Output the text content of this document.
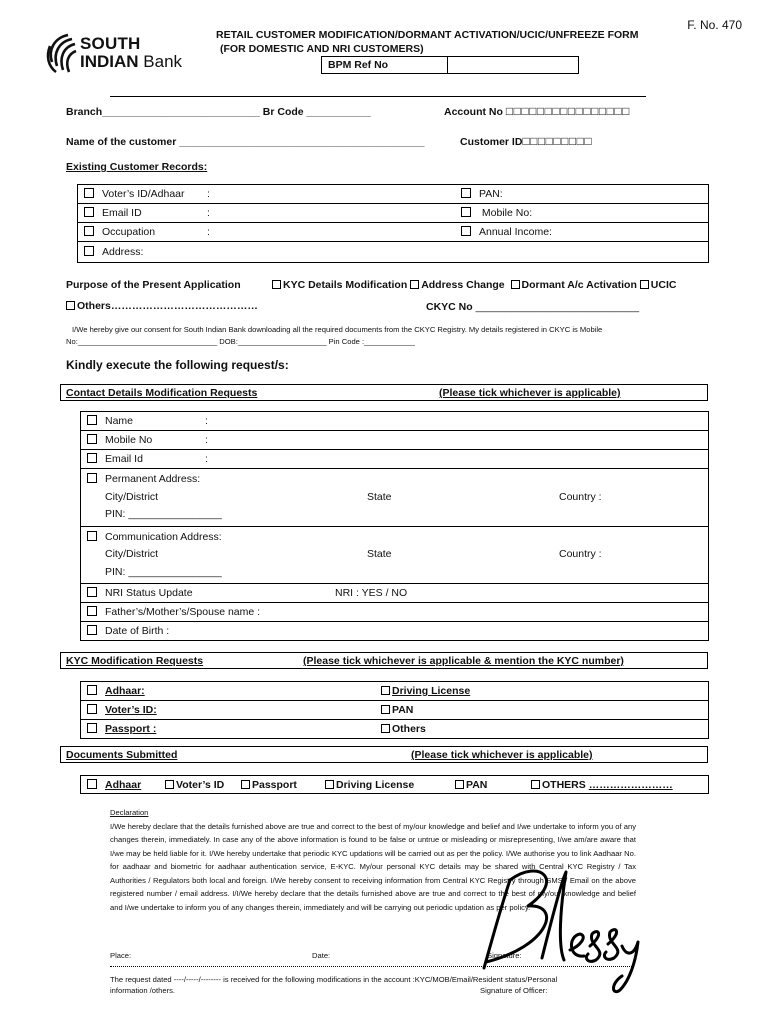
F. No. 470
SOUTH
INDIAN Bank
RETAIL CUSTOMER MODIFICATION/DORMANT ACTIVATION/UCIC/UNFREEZE FORM
(FOR DOMESTIC AND NRI CUSTOMERS)
BPM Ref No
Branch___________________________ Br Code ___________	Account No □□□□□□□□□□□□□□□□
Name of the customer __________________________________________	Customer ID□□□□□□□□□
Existing Customer Records:
Voter’s ID/Adhaar :	PAN:
Email ID :	Mobile No:
Occupation :	Annual Income:
Address:	
Purpose of the Present Application	KYC Details Modification Address Change Dormant A/c Activation UCIC
Others……………………………………	CKYC No ____________________________
I/We hereby give our consent for South Indian Bank downloading all the required documents from the CKYC Registry. My details registered in CKYC is Mobile
No:_________________________________ DOB:_____________________ Pin Code :____________
Kindly execute the following request/s:
Contact Details Modification Requests	(Please tick whichever is applicable)
Name	:
Mobile No	:
Email Id	:

Permanent Address:
City/District	State	Country :
PIN: ________________

Communication Address:
City/District	State	Country :
PIN: ________________

NRI Status Update	NRI : YES / NO
Father’s/Mother’s/Spouse name :
Date of Birth :
KYC Modification Requests	(Please tick whichever is applicable & mention the KYC number)
Adhaar:	Driving License
Voter’s ID:	PAN
Passport :	Others
Documents Submitted	(Please tick whichever is applicable)
Adhaar	Voter’s ID	Passport	Driving License	PAN	OTHERS ……………………
Declaration
I/We hereby declare that the details furnished above are true and correct to the best of my/our knowledge and belief and I/we undertake to inform you of any changes therein, immediately. In case any of the above information is found to be false or untrue or misleading or misrepresenting, I/we am/are aware that I/we may be held liable for it. I/We hereby undertake that periodic KYC updations will be carried out as per the policy. I/We authorise you to link Aadhaar No. for aadhaar and biometric for aadhaar authentication service, E-KYC. My/our personal KYC details may be shared with Central KYC Registry / Tax Authorities / Regulators both local and foreign. I/We hereby consent to receiving information from Central KYC Registry through SMS / Email on the above registered number / email address. I/I/We hereby declare that the details furnished above are true and correct to the best of my/our knowledge and belief and I/we undertake to inform you of any changes therein, immediately and will be carrying out periodic updation as per policy.
Place:	Date:	Signature:
The request dated ----/-----/-------- is received for the following modifications in the account :KYC/MOB/Email/Resident status/Personal
information /others.	Signature of Officer:
